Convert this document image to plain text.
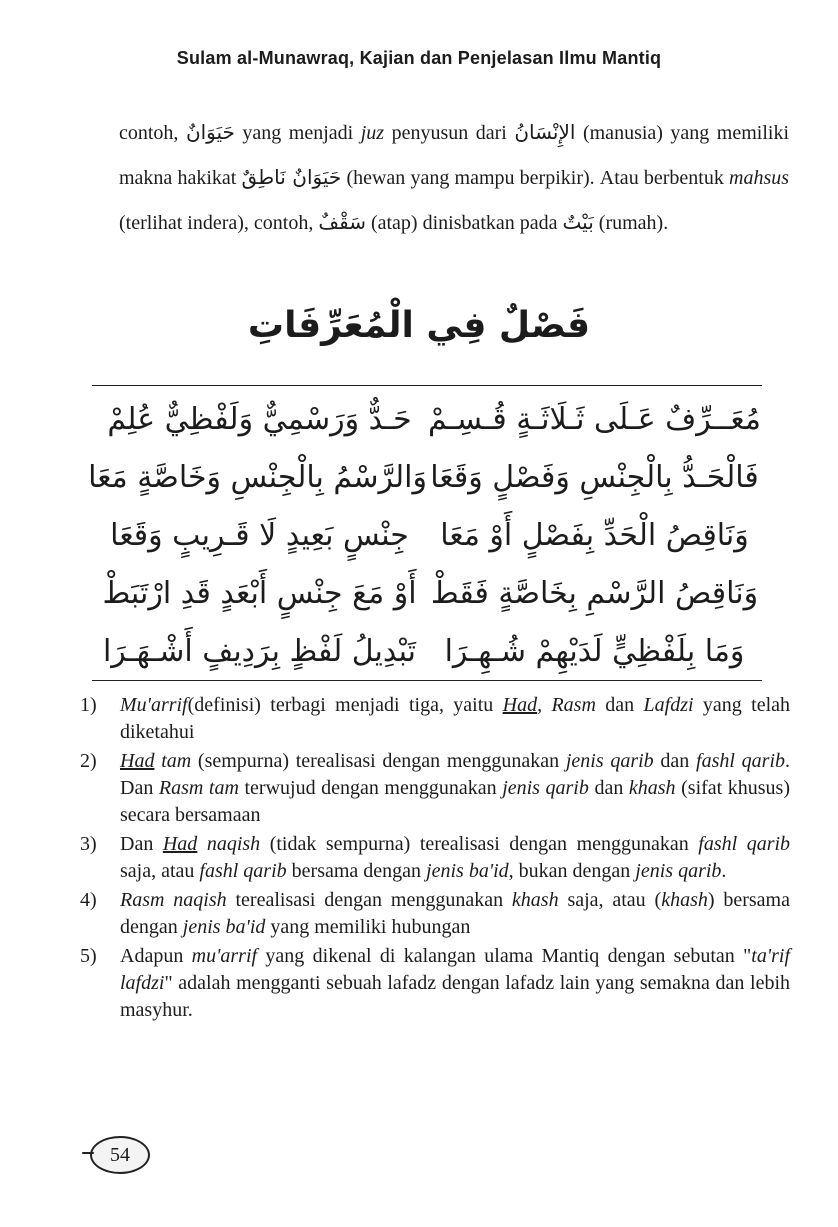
Sulam al-Munawraq, Kajian dan Penjelasan Ilmu Mantiq

contoh, حَيَوَانٌ yang menjadi juz penyusun dari الإِنْسَانُ (manusia) yang memiliki makna hakikat حَيَوَانٌ نَاطِقٌ (hewan yang mampu berpikir). Atau berbentuk mahsus (terlihat indera), contoh, سَقْفٌ (atap) dinisbatkan pada بَيْتٌ (rumah).

فَصْلٌ فِي الْمُعَرِّفَاتِ
حَـدٌّ وَرَسْمِيٌّ وَلَفْظِيٌّ عُلِمْ مُعَــرِّفٌ عَـلَى ثَـلَاثَـةٍ قُـسِـمْ
وَالرَّسْمُ بِالْجِنْسِ وَخَاصَّةٍ مَعَا فَالْحَـدُّ بِالْجِنْسِ وَفَصْلٍ وَقَعَا
جِنْسٍ بَعِيدٍ لَا قَـرِيبٍ وَقَعَا	وَنَاقِصُ الْحَدِّ بِفَصْلٍ أَوْ مَعَا
أَوْ مَعَ جِنْسٍ أَبْعَدٍ قَدِ ارْتَبَطْ وَنَاقِصُ الرَّسْمِ بِخَاصَّةٍ فَقَطْ
تَبْدِيلُ لَفْظٍ بِرَدِيفٍ أَشْـهَـرَا وَمَا بِلَفْظِيٍّ لَدَيْهِمْ شُـهِـرَا
1)	Mu'arrif(definisi) terbagi menjadi tiga, yaitu Had, Rasm dan Lafdzi yang telah diketahui
2)	Had tam (sempurna) terealisasi dengan menggunakan jenis qarib dan fashl qarib. Dan Rasm tam terwujud dengan menggunakan jenis qarib dan khash (sifat khusus) secara bersamaan
3)	Dan Had naqish (tidak sempurna) terealisasi dengan menggunakan fashl qarib saja, atau fashl qarib bersama dengan jenis ba'id, bukan dengan jenis qarib.
4)	Rasm naqish terealisasi dengan menggunakan khash saja, atau (khash) bersama dengan jenis ba'id yang memiliki hubungan
5)	Adapun mu'arrif yang dikenal di kalangan ulama Mantiq dengan sebutan "ta'rif lafdzi" adalah mengganti sebuah lafadz dengan lafadz lain yang semakna dan lebih masyhur.
54
